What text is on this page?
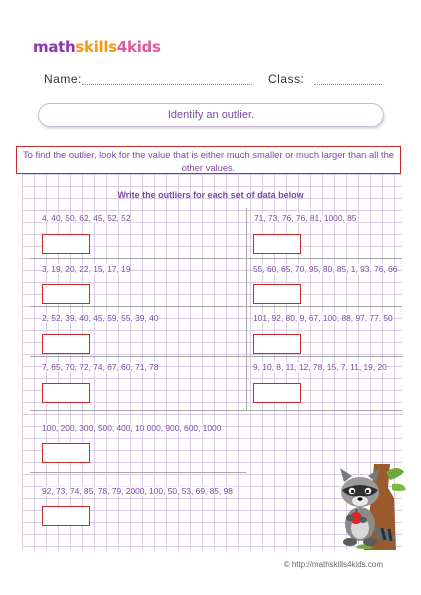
mathskills4kids
Name:	Class:
Identify an outlier.
To find the outlier, look for the value that is either much smaller or much larger than all the other values.
Write the outliers for each set of data below
4, 40, 50, 62, 45, 52, 52
3, 19, 20, 22, 15, 17, 19
2, 52, 39, 40, 45, 59, 55, 39, 40
7, 65, 70, 72, 74, 67, 60, 71, 78
100, 200, 300, 500, 400, 10 000, 900, 600, 1000
92, 73, 74, 85, 78, 79, 2000, 100, 50, 53, 69, 85, 98
71, 73, 76, 76, 81, 1000, 85
55, 60, 65, 70, 95, 80, 85, 1, 93, 76, 66
101, 92, 80, 9, 67, 100, 88, 97, 77, 50
9, 10, 8, 11, 12, 78, 15, 7, 11, 19, 20
© http://mathskills4kids.com
